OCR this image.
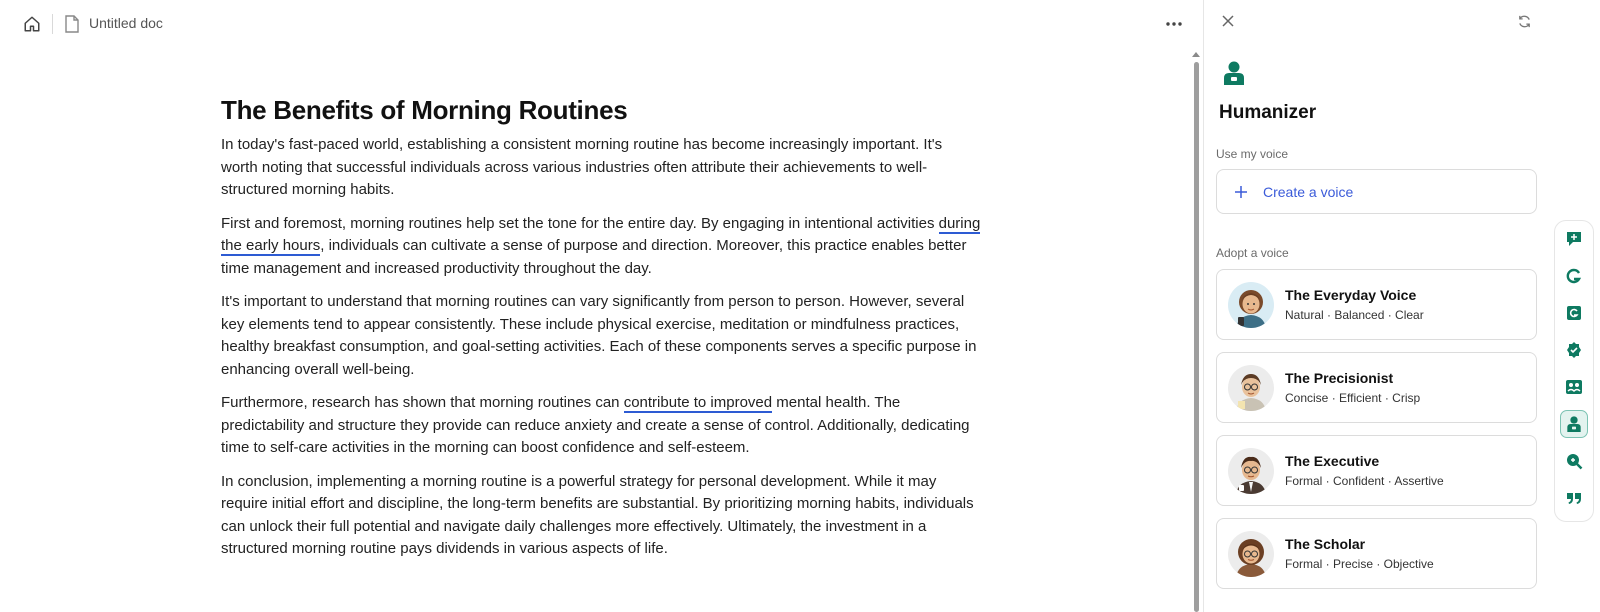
Untitled doc
The Benefits of Morning Routines

In today's fast-paced world, establishing a consistent morning routine has become increasingly important. It's worth noting that successful individuals across various industries often attribute their achievements to well-structured morning habits.

First and foremost, morning routines help set the tone for the entire day. By engaging in intentional activities during the early hours, individuals can cultivate a sense of purpose and direction. Moreover, this practice enables better time management and increased productivity throughout the day.

It's important to understand that morning routines can vary significantly from person to person. However, several key elements tend to appear consistently. These include physical exercise, meditation or mindfulness practices, healthy breakfast consumption, and goal-setting activities. Each of these components serves a specific purpose in enhancing overall well-being.

Furthermore, research has shown that morning routines can contribute to improved mental health. The predictability and structure they provide can reduce anxiety and create a sense of control. Additionally, dedicating time to self-care activities in the morning can boost confidence and self-esteem.

In conclusion, implementing a morning routine is a powerful strategy for personal development. While it may require initial effort and discipline, the long-term benefits are substantial. By prioritizing morning habits, individuals can unlock their full potential and navigate daily challenges more effectively. Ultimately, the investment in a structured morning routine pays dividends in various aspects of life.

Humanizer
Use my voice
Create a voice
Adopt a voice
The Everyday Voice
Natural · Balanced · Clear
The Precisionist
Concise · Efficient · Crisp
The Executive
Formal · Confident · Assertive
The Scholar
Formal · Precise · Objective
